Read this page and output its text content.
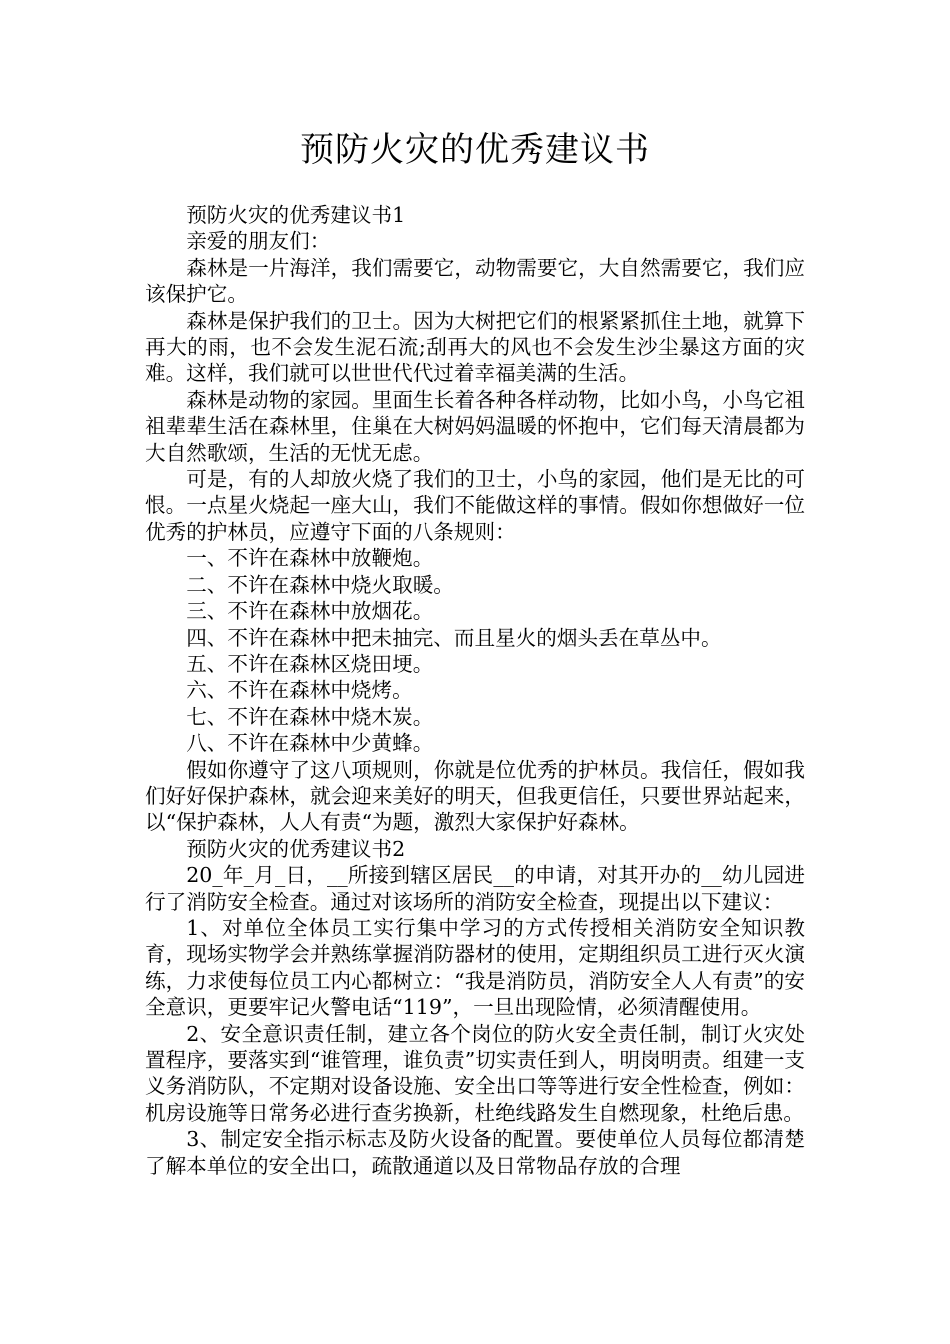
预防火灾的优秀建议书

预防火灾的优秀建议书1

亲爱的朋友们：

森林是一片海洋，我们需要它，动物需要它，大自然需要它，我们应该保护它。

森林是保护我们的卫士。因为大树把它们的根紧紧抓住土地，就算下再大的雨，也不会发生泥石流;刮再大的风也不会发生沙尘暴这方面的灾难。这样，我们就可以世世代代过着幸福美满的生活。

森林是动物的家园。里面生长着各种各样动物，比如小鸟，小鸟它祖祖辈辈生活在森林里，住巢在大树妈妈温暖的怀抱中，它们每天清晨都为大自然歌颂，生活的无忧无虑。

可是，有的人却放火烧了我们的卫士，小鸟的家园，他们是无比的可恨。一点星火烧起一座大山，我们不能做这样的事情。假如你想做好一位优秀的护林员，应遵守下面的八条规则：

一、不许在森林中放鞭炮。

二、不许在森林中烧火取暖。

三、不许在森林中放烟花。

四、不许在森林中把未抽完、而且星火的烟头丢在草丛中。

五、不许在森林区烧田埂。

六、不许在森林中烧烤。

七、不许在森林中烧木炭。

八、不许在森林中少黄蜂。

假如你遵守了这八项规则，你就是位优秀的护林员。我信任，假如我们好好保护森林，就会迎来美好的明天，但我更信任，只要世界站起来，以“保护森林，人人有责“为题，激烈大家保护好森林。

预防火灾的优秀建议书2

20_年_月_日，__所接到辖区居民__的申请，对其开办的__幼儿园进行了消防安全检查。通过对该场所的消防安全检查，现提出以下建议：

1、对单位全体员工实行集中学习的方式传授相关消防安全知识教育，现场实物学会并熟练掌握消防器材的使用，定期组织员工进行灭火演练，力求使每位员工内心都树立：“我是消防员，消防安全人人有责”的安全意识，更要牢记火警电话“119”，一旦出现险情，必须清醒使用。

2、安全意识责任制，建立各个岗位的防火安全责任制，制订火灾处置程序，要落实到“谁管理，谁负责”切实责任到人，明岗明责。组建一支义务消防队，不定期对设备设施、安全出口等等进行安全性检查，例如：机房设施等日常务必进行查劣换新，杜绝线路发生自燃现象，杜绝后患。

3、制定安全指示标志及防火设备的配置。要使单位人员每位都清楚了解本单位的安全出口，疏散通道以及日常物品存放的合理
